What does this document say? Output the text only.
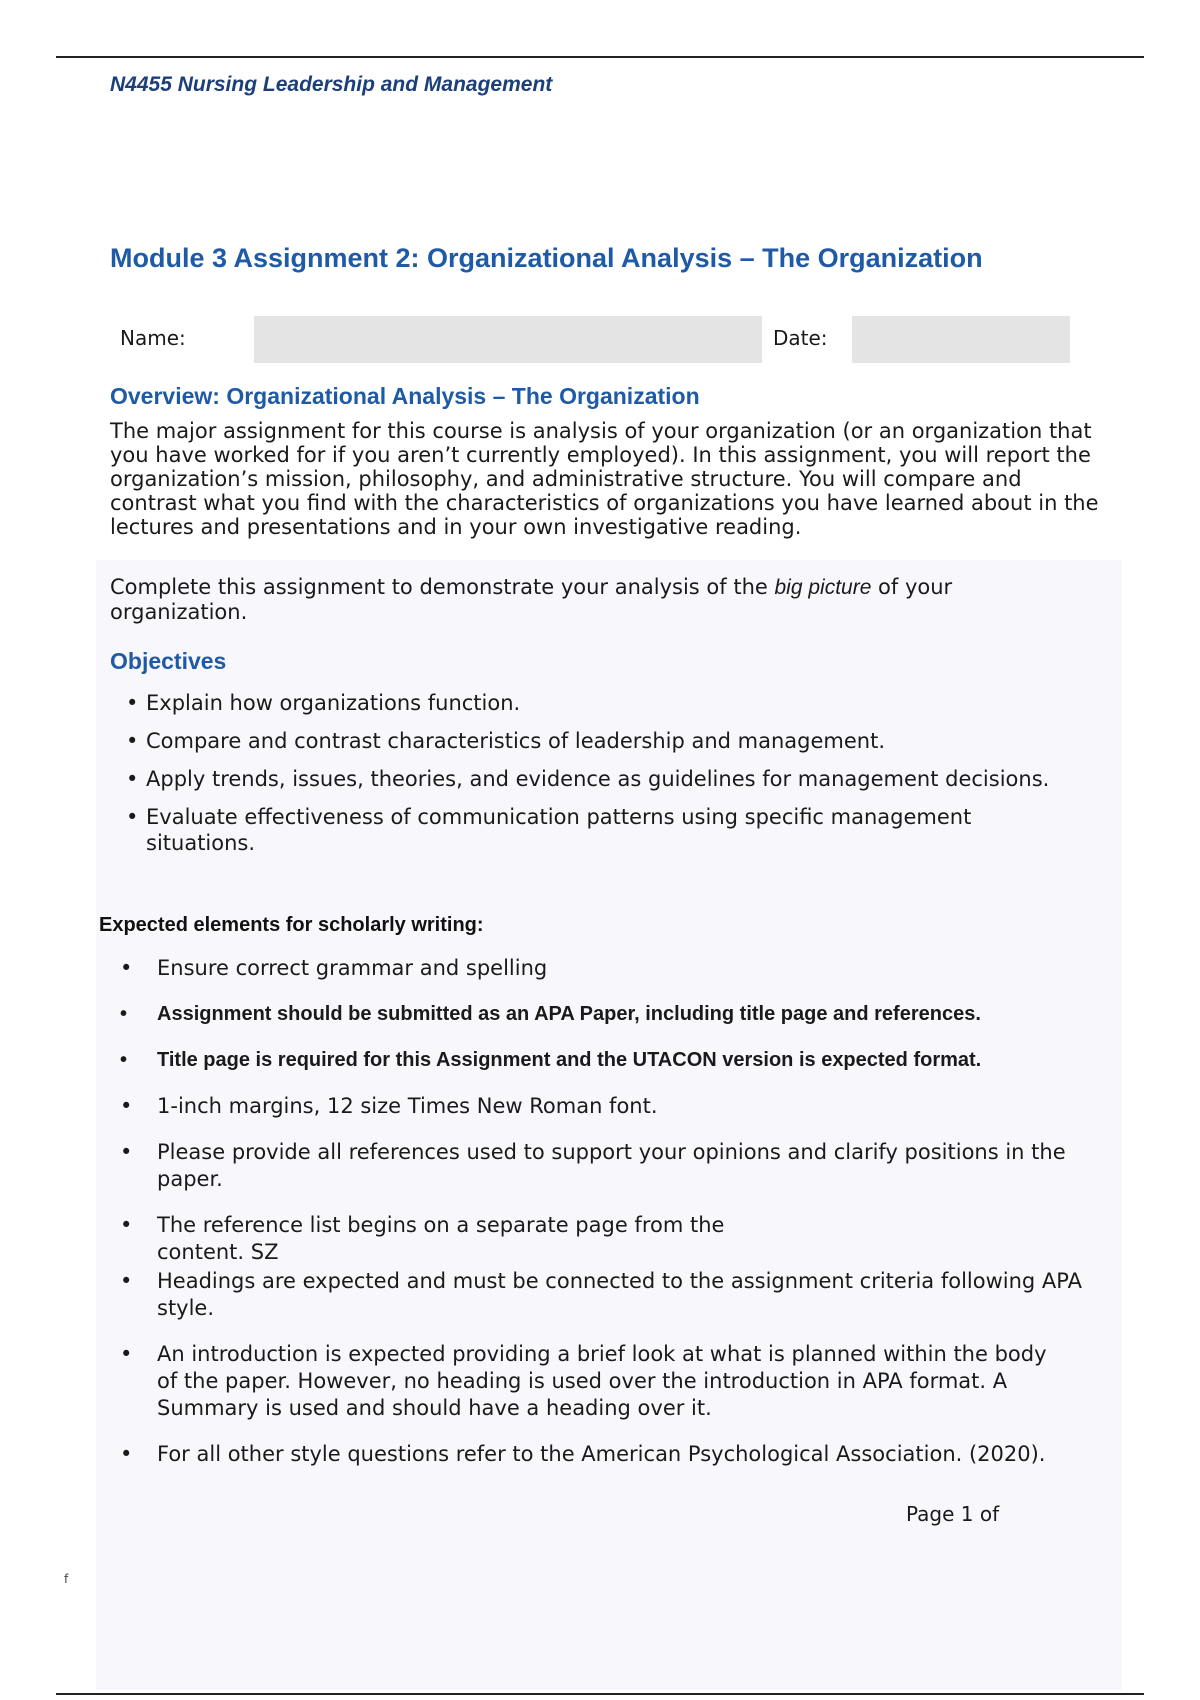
N4455 Nursing Leadership and Management

Module 3 Assignment 2: Organizational Analysis – The Organization
Name:	Date:
Overview: Organizational Analysis – The Organization

The major assignment for this course is analysis of your organization (or an organization that you have worked for if you aren’t currently employed). In this assignment, you will report the organization’s mission, philosophy, and administrative structure. You will compare and contrast what you find with the characteristics of organizations you have learned about in the lectures and presentations and in your own investigative reading.

Complete this assignment to demonstrate your analysis of the big picture of your organization.

Objectives
• Explain how organizations function.
• Compare and contrast characteristics of leadership and management.
• Apply trends, issues, theories, and evidence as guidelines for management decisions.
• Evaluate effectiveness of communication patterns using specific management situations.
Expected elements for scholarly writing:
• Ensure correct grammar and spelling
• Assignment should be submitted as an APA Paper, including title page and references.
• Title page is required for this Assignment and the UTACON version is expected format.
• 1-inch margins, 12 size Times New Roman font.
• Please provide all references used to support your opinions and clarify positions in the paper.
• The reference list begins on a separate page from the content. SZ
• Headings are expected and must be connected to the assignment criteria following APA style.
• An introduction is expected providing a brief look at what is planned within the body of the paper. However, no heading is used over the introduction in APA format. A Summary is used and should have a heading over it.
• For all other style questions refer to the American Psychological Association. (2020).
Page 1 of
f
